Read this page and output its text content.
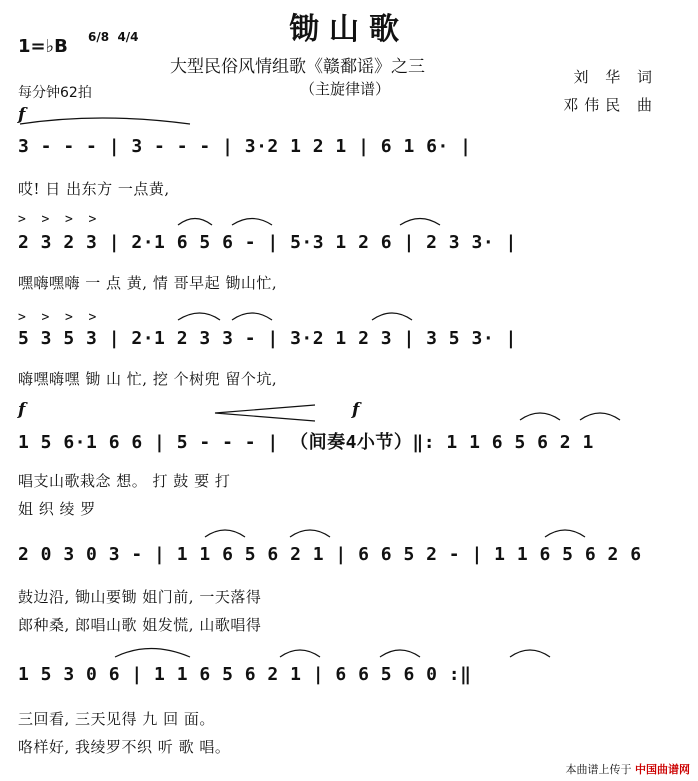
锄山歌
大型民俗风情组歌《赣鄱谣》之三
（主旋律谱）
1=♭B 6/8 4/4
每分钟62拍
刘 华 词
邓伟民 曲
f
f	f
>  >  >  >
>  >  >  >
3 - - - | 3 - - - | 3·2 1 2 1 | 6 1 6· |
哎! 日 出东方 一点黄,
2 3 2 3 | 2·1 6 5 6 - | 5·3 1 2 6 | 2 3 3· |
嘿嗨嘿嗨 一 点 黄, 情 哥早起 锄山忙,
5 3 5 3 | 2·1 2 3 3 - | 3·2 1 2 3 | 3 5 3· |
嗨嘿嗨嘿 锄 山 忙, 挖 个树兜 留个坑,
1 5 6·1 6 6 | 5 - - - | （间奏4小节）‖: 1 1 6 5 6 2 1
唱支山歌栽念 想。 打 鼓 要 打
姐 织 绫 罗
2 0 3 0 3 - | 1 1 6 5 6 2 1 | 6 6 5 2 - | 1 1 6 5 6 2 6
鼓边沿, 锄山要锄 姐门前, 一天落得
郎种桑, 郎唱山歌 姐发慌, 山歌唱得
1 5 3 0 6 | 1 1 6 5 6 2 1 | 6 6 5 6 0 :‖
三回看, 三天见得 九 回 面。
咯样好, 我绫罗不织 听 歌 唱。
本曲谱上传于 中国曲谱网
